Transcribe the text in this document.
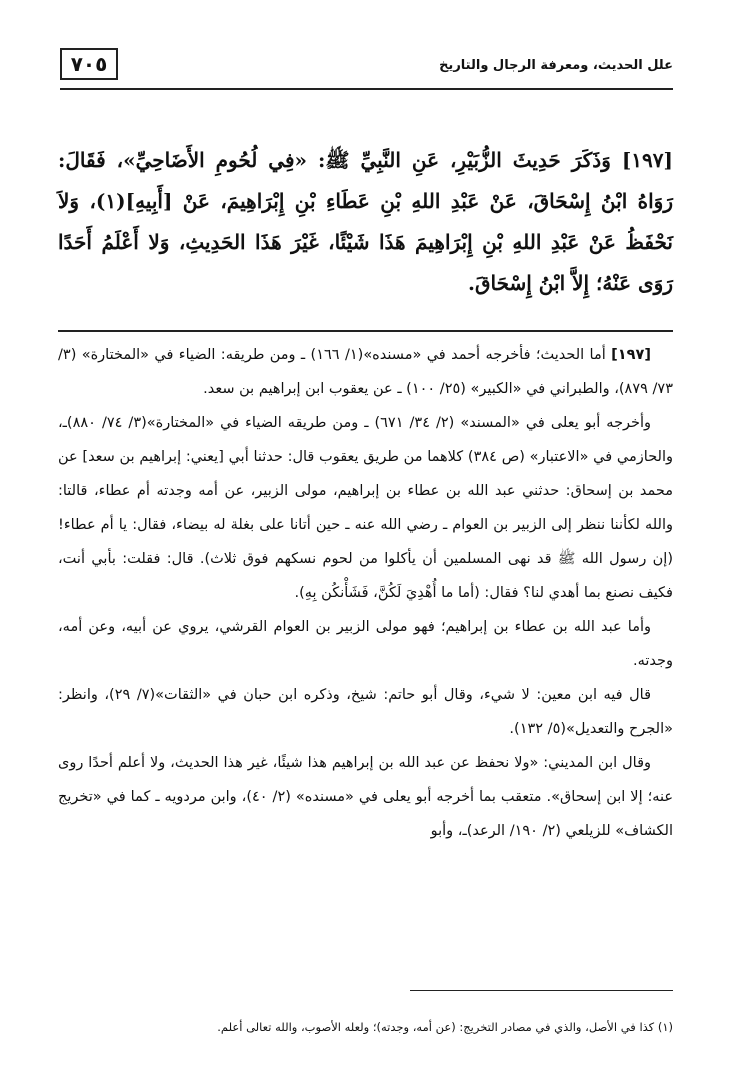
٧٠٥	علل الحديث، ومعرفة الرجال والتاريخ
[١٩٧] وَذَكَرَ حَدِيثَ الزُّبَيْرِ، عَنِ النَّبِيِّ ﷺ: «فِي لُحُومِ الأَضَاحِيِّ»، فَقَالَ: رَوَاهُ ابْنُ إِسْحَاقَ، عَنْ عَبْدِ اللهِ بْنِ عَطَاءِ بْنِ إِبْرَاهِيمَ، عَنْ [أَبِيهِ](١)، وَلاَ نَحْفَظُ عَنْ عَبْدِ اللهِ بْنِ إِبْرَاهِيمَ هَذَا شَيْئًا، غَيْرَ هَذَا الحَدِيثِ، وَلا أَعْلَمُ أَحَدًا رَوَى عَنْهُ؛ إِلاَّ ابْنُ إِسْحَاقَ.

[١٩٧] أما الحديث؛ فأخرجه أحمد في «مسنده»(١/ ١٦٦) ـ ومن طريقه: الضياء في «المختارة» (٣/ ٧٣/ ٨٧٩)، والطبراني في «الكبير» (٢٥/ ١٠٠) ـ عن يعقوب ابن إبراهيم بن سعد.

وأخرجه أبو يعلى في «المسند» (٢/ ٣٤/ ٦٧١) ـ ومن طريقه الضياء في «المختارة»(٣/ ٧٤/ ٨٨٠)ـ، والحازمي في «الاعتبار» (ص ٣٨٤) كلاهما من طريق يعقوب قال: حدثنا أبي [يعني: إبراهيم بن سعد] عن محمد بن إسحاق: حدثني عبد الله بن عطاء بن إبراهيم، مولى الزبير، عن أمه وجدته أم عطاء، قالتا: والله لكأننا ننظر إلى الزبير بن العوام ـ رضي الله عنه ـ حين أتانا على بغلة له بيضاء، فقال: يا أم عطاء! (إن رسول الله ﷺ قد نهى المسلمين أن يأكلوا من لحوم نسكهم فوق ثلاث). قال: فقلت: بأبي أنت، فكيف نصنع بما أهدي لنا؟ فقال: (أما ما أُهْدِيَ لَكُنَّ، فَشَأْنكُن بِهِ).

وأما عبد الله بن عطاء بن إبراهيم؛ فهو مولى الزبير بن العوام القرشي، يروي عن أبيه، وعن أمه، وجدته.

قال فيه ابن معين: لا شيء، وقال أبو حاتم: شيخ، وذكره ابن حبان في «الثقات»(٧/ ٢٩)، وانظر: «الجرح والتعديل»(٥/ ١٣٢).

وقال ابن المديني: «ولا نحفظ عن عبد الله بن إبراهيم هذا شيئًا، غير هذا الحديث، ولا أعلم أحدًا روى عنه؛ إلا ابن إسحاق». متعقب بما أخرجه أبو يعلى في «مسنده» (٢/ ٤٠)، وابن مردويه ـ كما في «تخريج الكشاف» للزيلعي (٢/ ١٩٠/ الرعد)ـ، وأبو

(١) كذا في الأصل، والذي في مصادر التخريج: (عن أمه، وجدته)؛ ولعله الأصوب، والله تعالى أعلم.
